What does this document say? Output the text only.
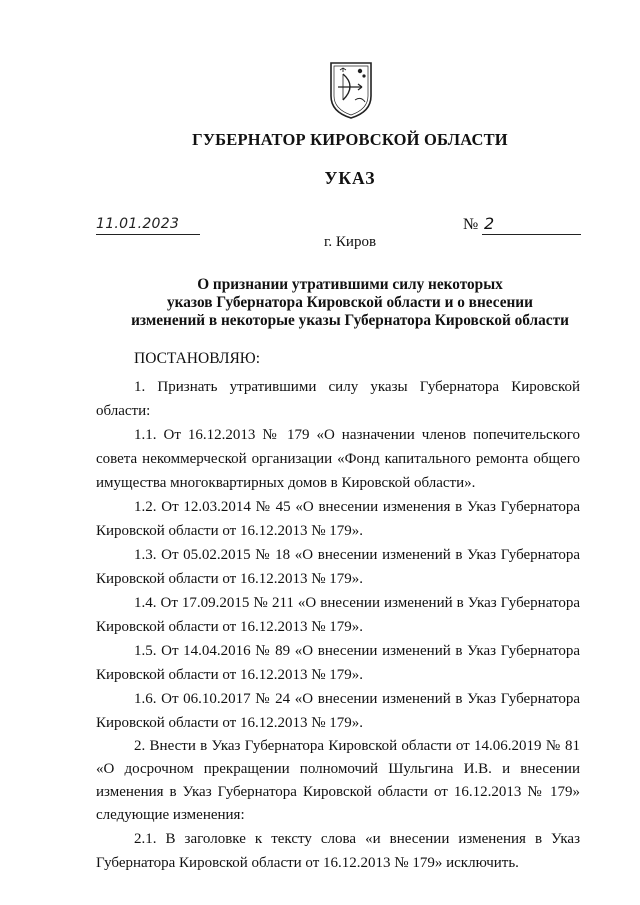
ГУБЕРНАТОР КИРОВСКОЙ ОБЛАСТИ
УКАЗ
11.01.2023	№ 2
г. Киров
О признании утратившими силу некоторых
указов Губернатора Кировской области и о внесении
изменений в некоторые указы Губернатора Кировской области
ПОСТАНОВЛЯЮ:

1. Признать утратившими силу указы Губернатора Кировской области:

1.1. От 16.12.2013 № 179 «О назначении членов попечительского совета некоммерческой организации «Фонд капитального ремонта общего имущества многоквартирных домов в Кировской области».

1.2. От 12.03.2014 № 45 «О внесении изменения в Указ Губернатора Кировской области от 16.12.2013 № 179».

1.3. От 05.02.2015 № 18 «О внесении изменений в Указ Губернатора Кировской области от 16.12.2013 № 179».

1.4. От 17.09.2015 № 211 «О внесении изменений в Указ Губернатора Кировской области от 16.12.2013 № 179».

1.5. От 14.04.2016 № 89 «О внесении изменений в Указ Губернатора Кировской области от 16.12.2013 № 179».

1.6. От 06.10.2017 № 24 «О внесении изменений в Указ Губернатора Кировской области от 16.12.2013 № 179».

2. Внести в Указ Губернатора Кировской области от 14.06.2019 № 81 «О досрочном прекращении полномочий Шульгина И.В. и внесении изменения в Указ Губернатора Кировской области от 16.12.2013 № 179» следующие изменения:

2.1. В заголовке к тексту слова «и внесении изменения в Указ Губернатора Кировской области от 16.12.2013 № 179» исключить.
